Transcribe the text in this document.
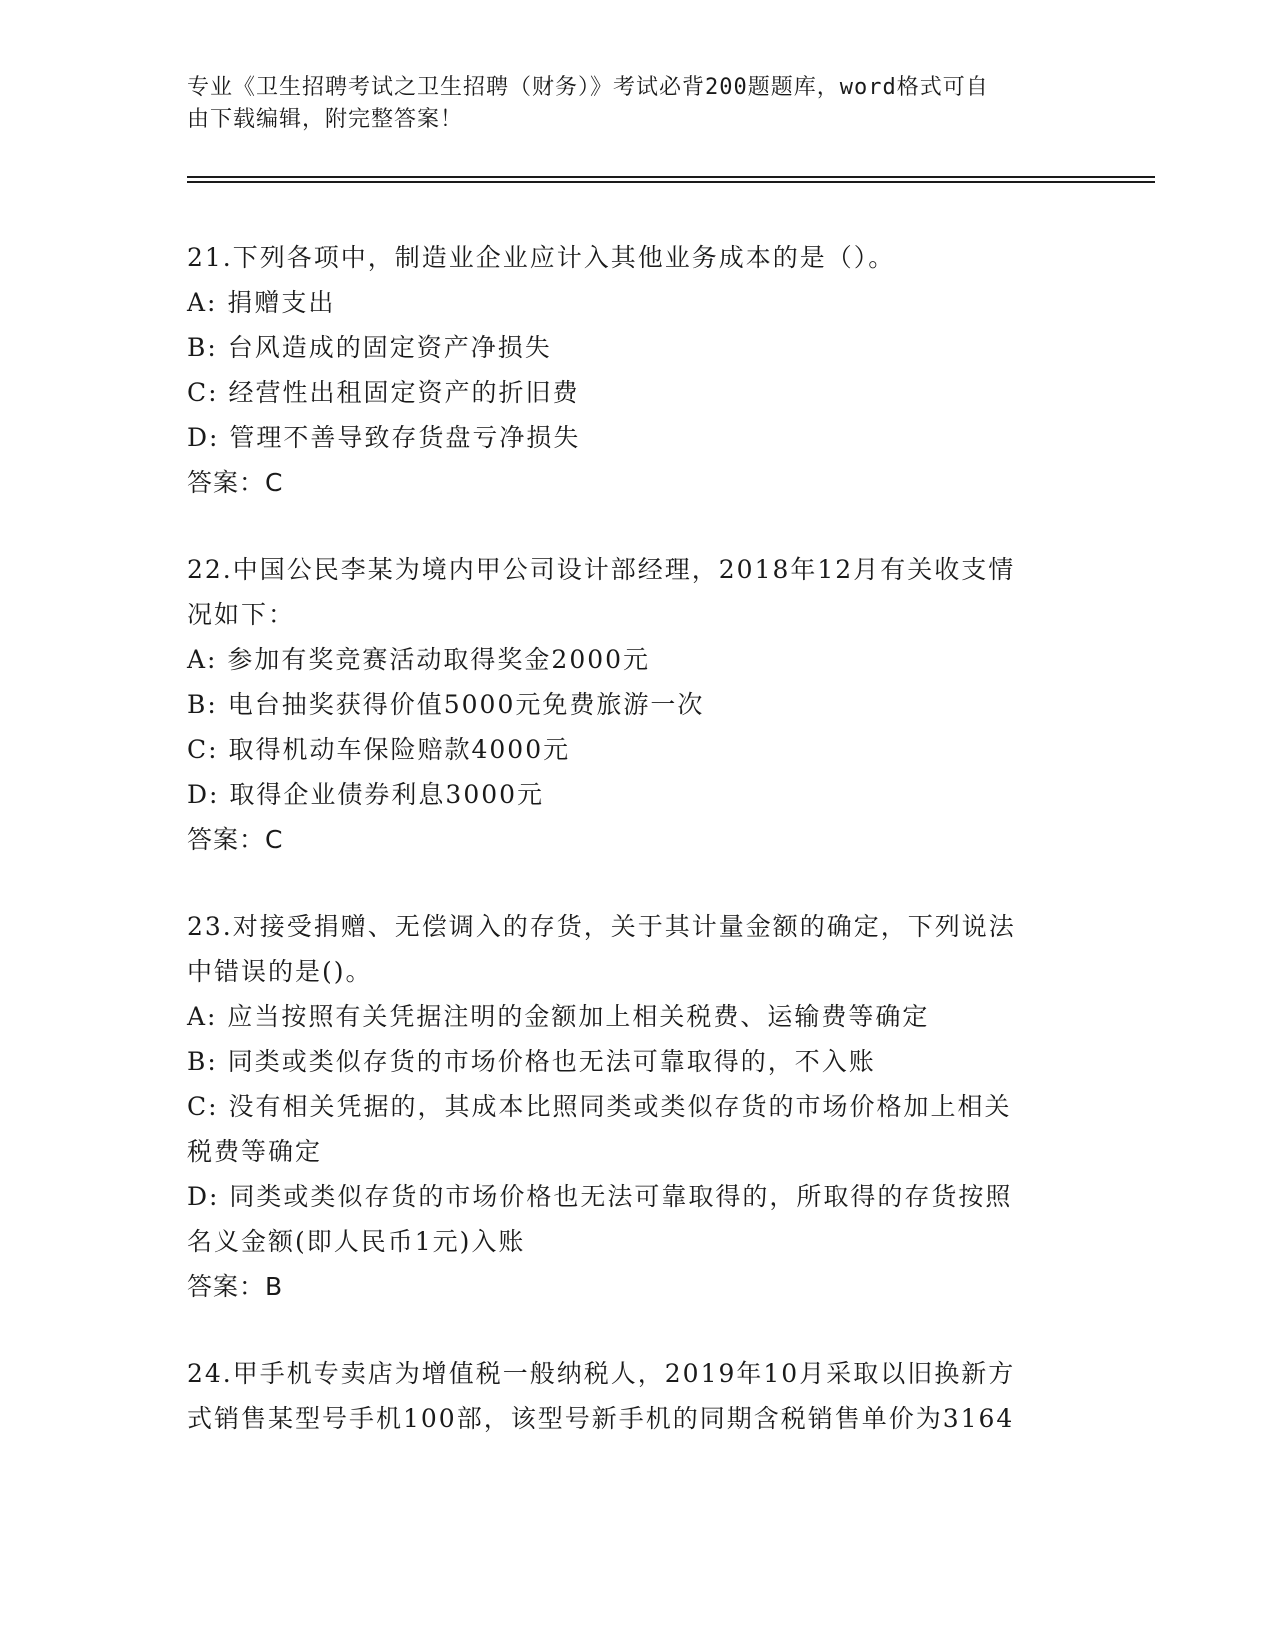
专业《卫生招聘考试之卫生招聘（财务）》考试必背200题题库，word格式可自
由下载编辑，附完整答案！
21.下列各项中，制造业企业应计入其他业务成本的是（）。
A: 捐赠支出
B: 台风造成的固定资产净损失
C: 经营性出租固定资产的折旧费
D: 管理不善导致存货盘亏净损失
答案：C
22.中国公民李某为境内甲公司设计部经理，2018年12月有关收支情
况如下：
A: 参加有奖竞赛活动取得奖金2000元
B: 电台抽奖获得价值5000元免费旅游一次
C: 取得机动车保险赔款4000元
D: 取得企业债券利息3000元
答案：C
23.对接受捐赠、无偿调入的存货，关于其计量金额的确定，下列说法
中错误的是()。
A: 应当按照有关凭据注明的金额加上相关税费、运输费等确定
B: 同类或类似存货的市场价格也无法可靠取得的，不入账
C: 没有相关凭据的，其成本比照同类或类似存货的市场价格加上相关
税费等确定
D: 同类或类似存货的市场价格也无法可靠取得的，所取得的存货按照
名义金额(即人民币1元)入账
答案：B
24.甲手机专卖店为增值税一般纳税人，2019年10月采取以旧换新方
式销售某型号手机100部，该型号新手机的同期含税销售单价为3164
